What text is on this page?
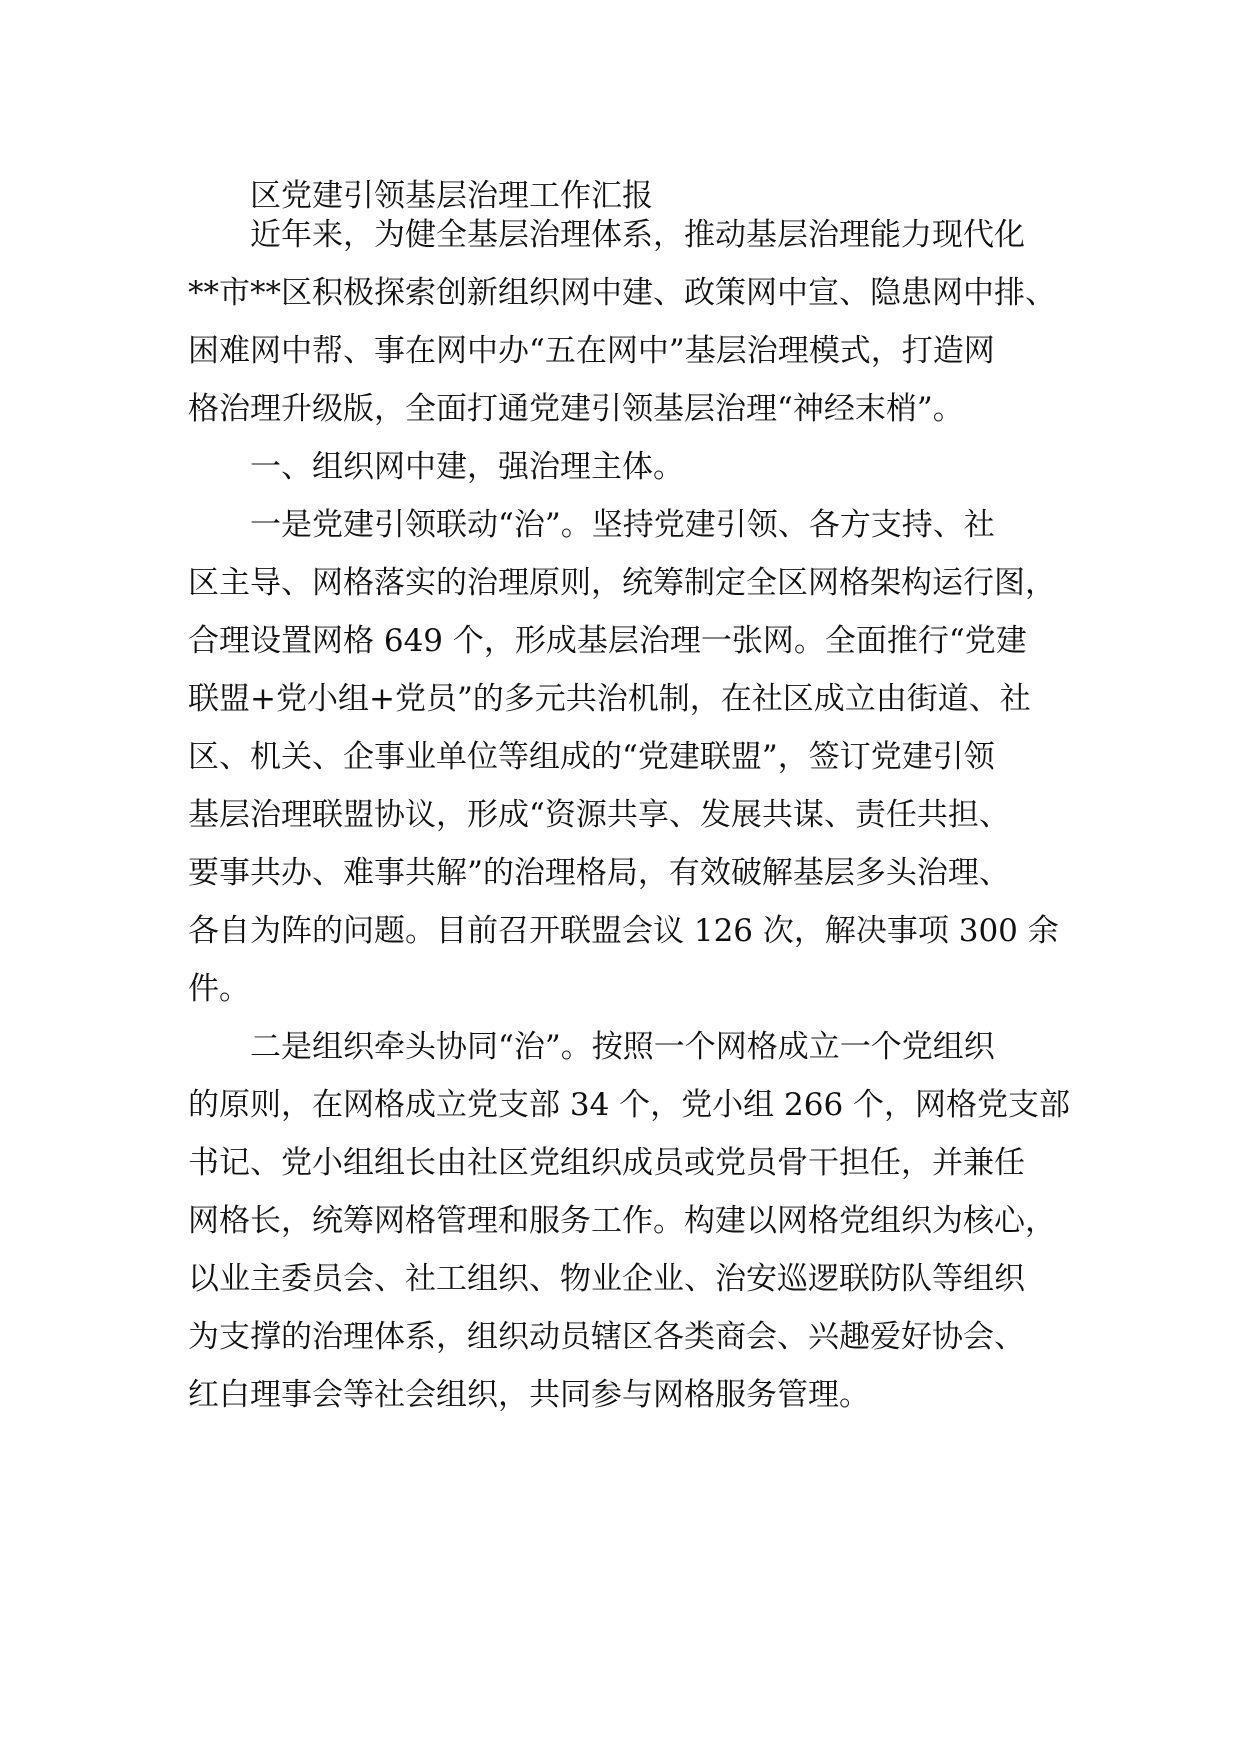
区党建引领基层治理工作汇报
近年来，为健全基层治理体系，推动基层治理能力现代化
**市**区积极探索创新组织网中建、政策网中宣、隐患网中排、
困难网中帮、事在网中办“五在网中”基层治理模式，打造网
格治理升级版，全面打通党建引领基层治理“神经末梢”。
一、组织网中建，强治理主体。
一是党建引领联动“治”。坚持党建引领、各方支持、社
区主导、网格落实的治理原则，统筹制定全区网格架构运行图，
合理设置网格 649 个，形成基层治理一张网。全面推行“党建
联盟+党小组+党员”的多元共治机制，在社区成立由街道、社
区、机关、企事业单位等组成的“党建联盟”，签订党建引领
基层治理联盟协议，形成“资源共享、发展共谋、责任共担、
要事共办、难事共解”的治理格局，有效破解基层多头治理、
各自为阵的问题。目前召开联盟会议 126 次，解决事项 300 余
件。
二是组织牵头协同“治”。按照一个网格成立一个党组织
的原则，在网格成立党支部 34 个，党小组 266 个，网格党支部
书记、党小组组长由社区党组织成员或党员骨干担任，并兼任
网格长，统筹网格管理和服务工作。构建以网格党组织为核心，
以业主委员会、社工组织、物业企业、治安巡逻联防队等组织
为支撑的治理体系，组织动员辖区各类商会、兴趣爱好协会、
红白理事会等社会组织，共同参与网格服务管理。
